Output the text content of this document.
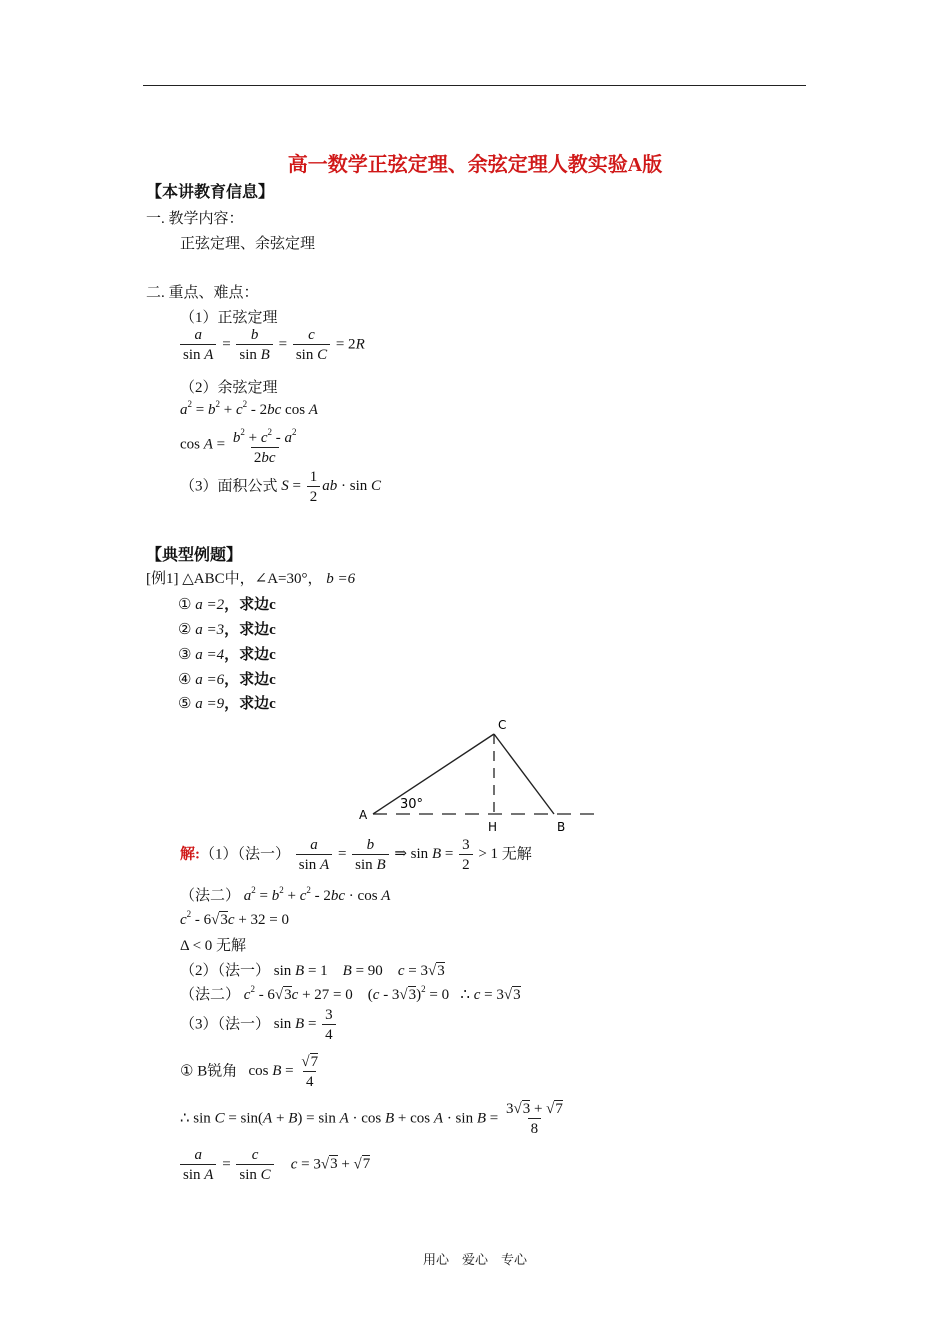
高一数学正弦定理、余弦定理人教实验A版
【本讲教育信息】
一. 教学内容：
正弦定理、余弦定理
二. 重点、难点：
（1）正弦定理
$\frac{a}{\text{sin A}} = \frac{b}{\text{sin B}} = \frac{c}{\text{sin C}} = 2R$
（2）余弦定理
$a^2 = b^2 + c^2 - 2bc$ cos A
$\cos A = \frac{b^2 + c^2 - a^2}{2bc}$
（3）面积公式 $S = \frac{1}{2}$ ab · sin C
【典型例题】
[例1] △ABC中，∠A=30°， b =6
① a =2，求边c
② a =3，求边c
③ a =4，求边c
④ a =6，求边c
⑤ a =9，求边c
A
C
H	B
30°
解:（1）（法一） $\frac{a}{\text{sin A}} = \frac{b}{\text{sin B}}$ ⇒ $\sin B = \frac{3}{2} > 1$ 无解
（法二） $a^2 = b^2 + c^2 - 2bc \cdot \cos A$
$c^2 - 6√3c + 32 = 0$
Δ < 0 无解
（2）（法一） sin B = 1    B = 90    c = 3√3
（法二） $c^2 - 6√3c + 27 = 0$    (c - 3√3)$^2$ = 0   ∴ c = 3√3
（3）（法一） $\sin B = \frac{3}{4}$
① B锐角   $\cos B = \frac{√7}{4}$
∴ $\sin C = \sin(A + B) = \sin A \cdot \cos B + \cos A \cdot \sin B = \frac{3√3 + √7}{8}$
$\frac{a}{\text{sin A}} = \frac{c}{\text{sin C}}$ c = 3√3 + √7
用心　爱心　专心
